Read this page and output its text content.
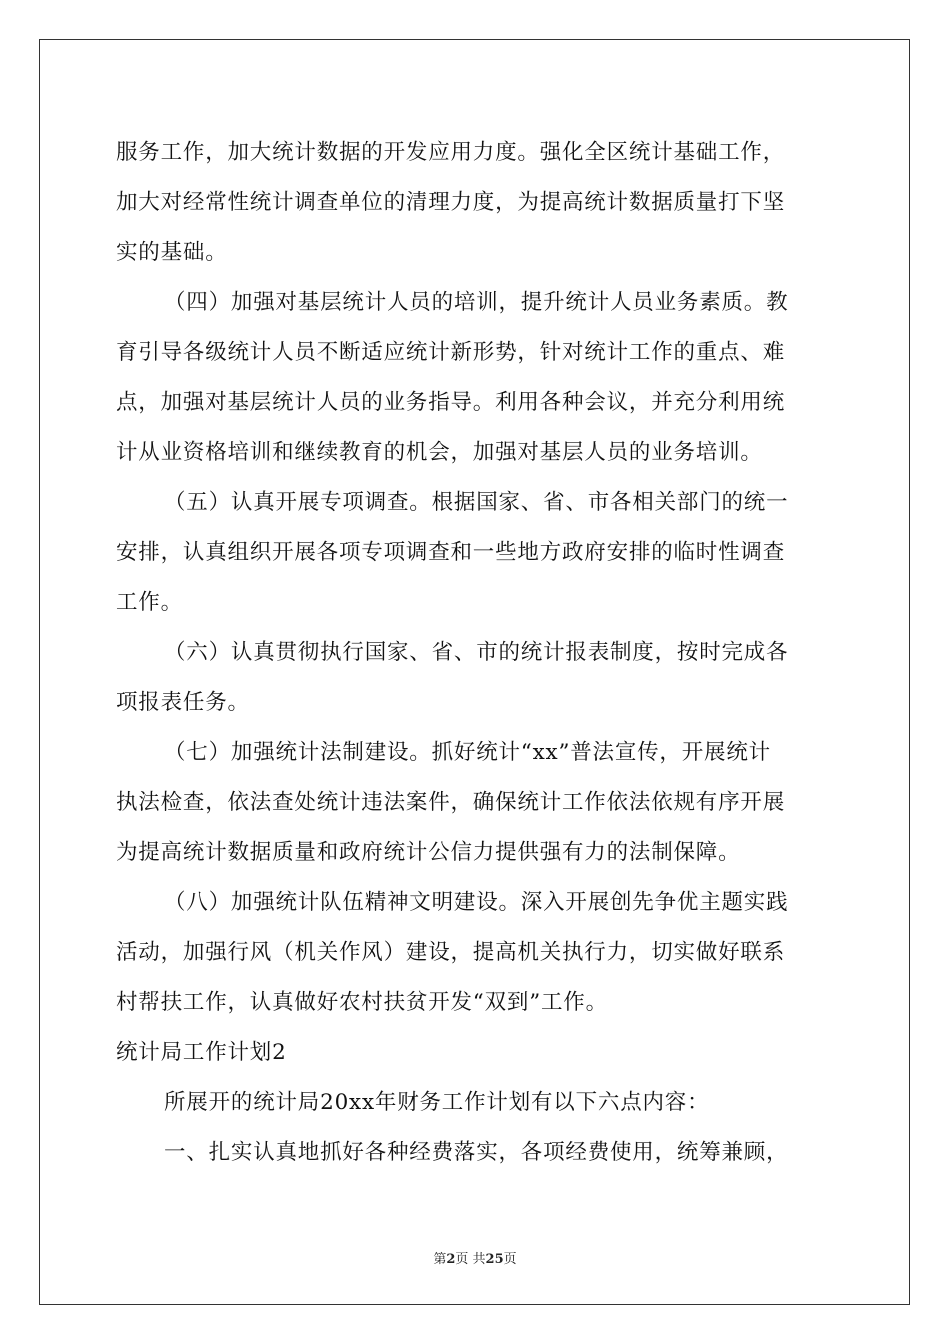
服务工作，加大统计数据的开发应用力度。强化全区统计基础工作，
加大对经常性统计调查单位的清理力度，为提高统计数据质量打下坚
实的基础。
（四）加强对基层统计人员的培训，提升统计人员业务素质。教
育引导各级统计人员不断适应统计新形势，针对统计工作的重点、难
点，加强对基层统计人员的业务指导。利用各种会议，并充分利用统
计从业资格培训和继续教育的机会，加强对基层人员的业务培训。
（五）认真开展专项调查。根据国家、省、市各相关部门的统一
安排，认真组织开展各项专项调查和一些地方政府安排的临时性调查
工作。
（六）认真贯彻执行国家、省、市的统计报表制度，按时完成各
项报表任务。
（七）加强统计法制建设。抓好统计“xx”普法宣传，开展统计
执法检查，依法查处统计违法案件，确保统计工作依法依规有序开展
为提高统计数据质量和政府统计公信力提供强有力的法制保障。
（八）加强统计队伍精神文明建设。深入开展创先争优主题实践
活动，加强行风（机关作风）建设，提高机关执行力，切实做好联系
村帮扶工作，认真做好农村扶贫开发“双到”工作。
统计局工作计划2
所展开的统计局20xx年财务工作计划有以下六点内容：
一、扎实认真地抓好各种经费落实，各项经费使用，统筹兼顾，
第2页 共25页
